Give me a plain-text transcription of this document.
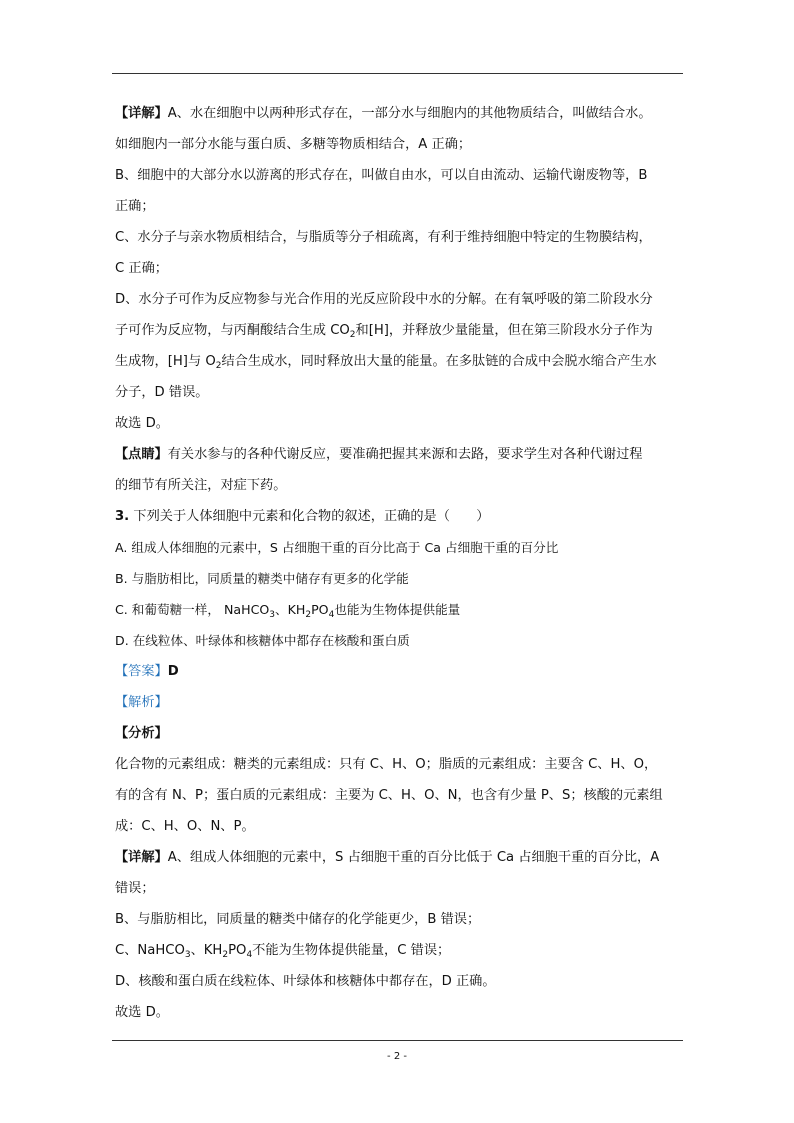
【详解】A、水在细胞中以两种形式存在，一部分水与细胞内的其他物质结合，叫做结合水。
如细胞内一部分水能与蛋白质、多糖等物质相结合，A 正确；
B、细胞中的大部分水以游离的形式存在，叫做自由水，可以自由流动、运输代谢废物等，B
正确；
C、水分子与亲水物质相结合，与脂质等分子相疏离，有利于维持细胞中特定的生物膜结构，
C 正确；
D、水分子可作为反应物参与光合作用的光反应阶段中水的分解。在有氧呼吸的第二阶段水分
子可作为反应物，与丙酮酸结合生成 $CO_2$和[H]，并释放少量能量，但在第三阶段水分子作为
生成物，[H]与 $O_2$结合生成水，同时释放出大量的能量。在多肽链的合成中会脱水缩合产生水
分子，D 错误。
故选 D。
【点睛】有关水参与的各种代谢反应，要准确把握其来源和去路，要求学生对各种代谢过程
的细节有所关注，对症下药。
3. 下列关于人体细胞中元素和化合物的叙述，正确的是（　　）
A. 组成人体细胞的元素中，S 占细胞干重的百分比高于 Ca 占细胞干重的百分比
B. 与脂肪相比，同质量的糖类中储存有更多的化学能
C. 和葡萄糖一样， NaHCO$_3$、$KH_2PO_4$也能为生物体提供能量
D. 在线粒体、叶绿体和核糖体中都存在核酸和蛋白质
【答案】D
【解析】
【分析】
化合物的元素组成：糖类的元素组成：只有 C、H、O；脂质的元素组成：主要含 C、H、O，
有的含有 N、P；蛋白质的元素组成：主要为 C、H、O、N，也含有少量 P、S；核酸的元素组
成：C、H、O、N、P。
【详解】A、组成人体细胞的元素中，S 占细胞干重的百分比低于 Ca 占细胞干重的百分比，A
错误；
B、与脂肪相比，同质量的糖类中储存的化学能更少，B 错误；
C、NaHCO$_3$、$KH_2PO_4$不能为生物体提供能量，C 错误；
D、核酸和蛋白质在线粒体、叶绿体和核糖体中都存在，D 正确。
故选 D。
- 2 -
